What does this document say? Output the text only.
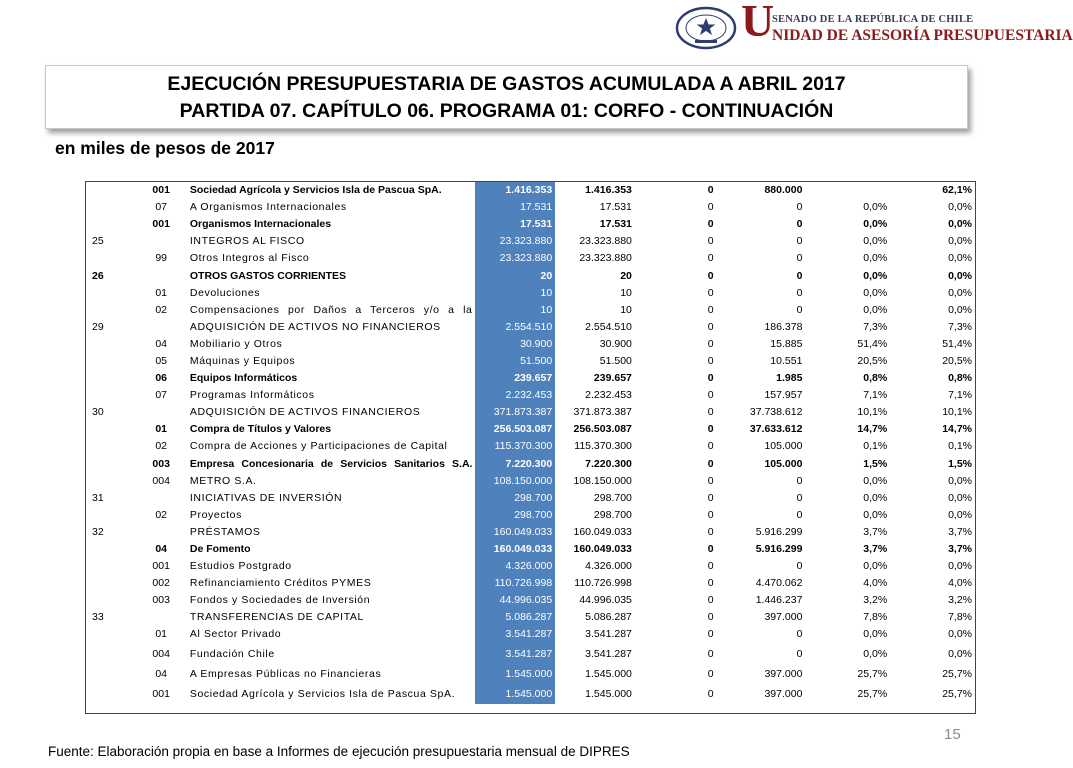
U
SENADO DE LA REPÚBLICA DE CHILE
NIDAD DE ASESORÍA PRESUPUESTARIA
EJECUCIÓN PRESUPUESTARIA DE GASTOS ACUMULADA A ABRIL 2017
PARTIDA 07. CAPÍTULO 06. PROGRAMA 01: CORFO - CONTINUACIÓN
en miles de pesos de 2017
	001	Sociedad Agrícola y Servicios Isla de Pascua SpA.	1.416.353	1.416.353	0	880.000		62,1%
	07	A Organismos Internacionales	17.531	17.531	0	0	0,0%	0,0%
	001	Organismos Internacionales	17.531	17.531	0	0	0,0%	0,0%
25		INTEGROS AL FISCO	23.323.880	23.323.880	0	0	0,0%	0,0%
	99	Otros Integros al Fisco	23.323.880	23.323.880	0	0	0,0%	0,0%
26		OTROS GASTOS CORRIENTES	20	20	0	0	0,0%	0,0%
	01	Devoluciones	10	10	0	0	0,0%	0,0%
	02	Compensaciones por Daños a Terceros y/o a la	10	10	0	0	0,0%	0,0%
29		ADQUISICIÓN DE ACTIVOS NO FINANCIEROS	2.554.510	2.554.510	0	186.378	7,3%	7,3%
	04	Mobiliario y Otros	30.900	30.900	0	15.885	51,4%	51,4%
	05	Máquinas y Equipos	51.500	51.500	0	10.551	20,5%	20,5%
	06	Equipos Informáticos	239.657	239.657	0	1.985	0,8%	0,8%
	07	Programas Informáticos	2.232.453	2.232.453	0	157.957	7,1%	7,1%
30		ADQUISICIÓN DE ACTIVOS FINANCIEROS	371.873.387	371.873.387	0	37.738.612	10,1%	10,1%
	01	Compra de Títulos y Valores	256.503.087	256.503.087	0	37.633.612	14,7%	14,7%
	02	Compra de Acciones y Participaciones de Capital	115.370.300	115.370.300	0	105.000	0,1%	0,1%
	003	Empresa Concesionaria de Servicios Sanitarios S.A.	7.220.300	7.220.300	0	105.000	1,5%	1,5%
	004	METRO S.A.	108.150.000	108.150.000	0	0	0,0%	0,0%
31		INICIATIVAS DE INVERSIÓN	298.700	298.700	0	0	0,0%	0,0%
	02	Proyectos	298.700	298.700	0	0	0,0%	0,0%
32		PRÉSTAMOS	160.049.033	160.049.033	0	5.916.299	3,7%	3,7%
	04	De Fomento	160.049.033	160.049.033	0	5.916.299	3,7%	3,7%
	001	Estudios Postgrado	4.326.000	4.326.000	0	0	0,0%	0,0%
	002	Refinanciamiento Créditos PYMES	110.726.998	110.726.998	0	4.470.062	4,0%	4,0%
	003	Fondos y Sociedades de Inversión	44.996.035	44.996.035	0	1.446.237	3,2%	3,2%
33		TRANSFERENCIAS DE CAPITAL	5.086.287	5.086.287	0	397.000	7,8%	7,8%
	01	Al Sector Privado	3.541.287	3.541.287	0	0	0,0%	0,0%
	004	Fundación Chile	3.541.287	3.541.287	0	0	0,0%	0,0%
	04	A Empresas Públicas no Financieras	1.545.000	1.545.000	0	397.000	25,7%	25,7%
	001	Sociedad Agrícola y Servicios Isla de Pascua SpA.	1.545.000	1.545.000	0	397.000	25,7%	25,7%
15
Fuente: Elaboración propia en base a Informes de ejecución presupuestaria mensual de DIPRES
